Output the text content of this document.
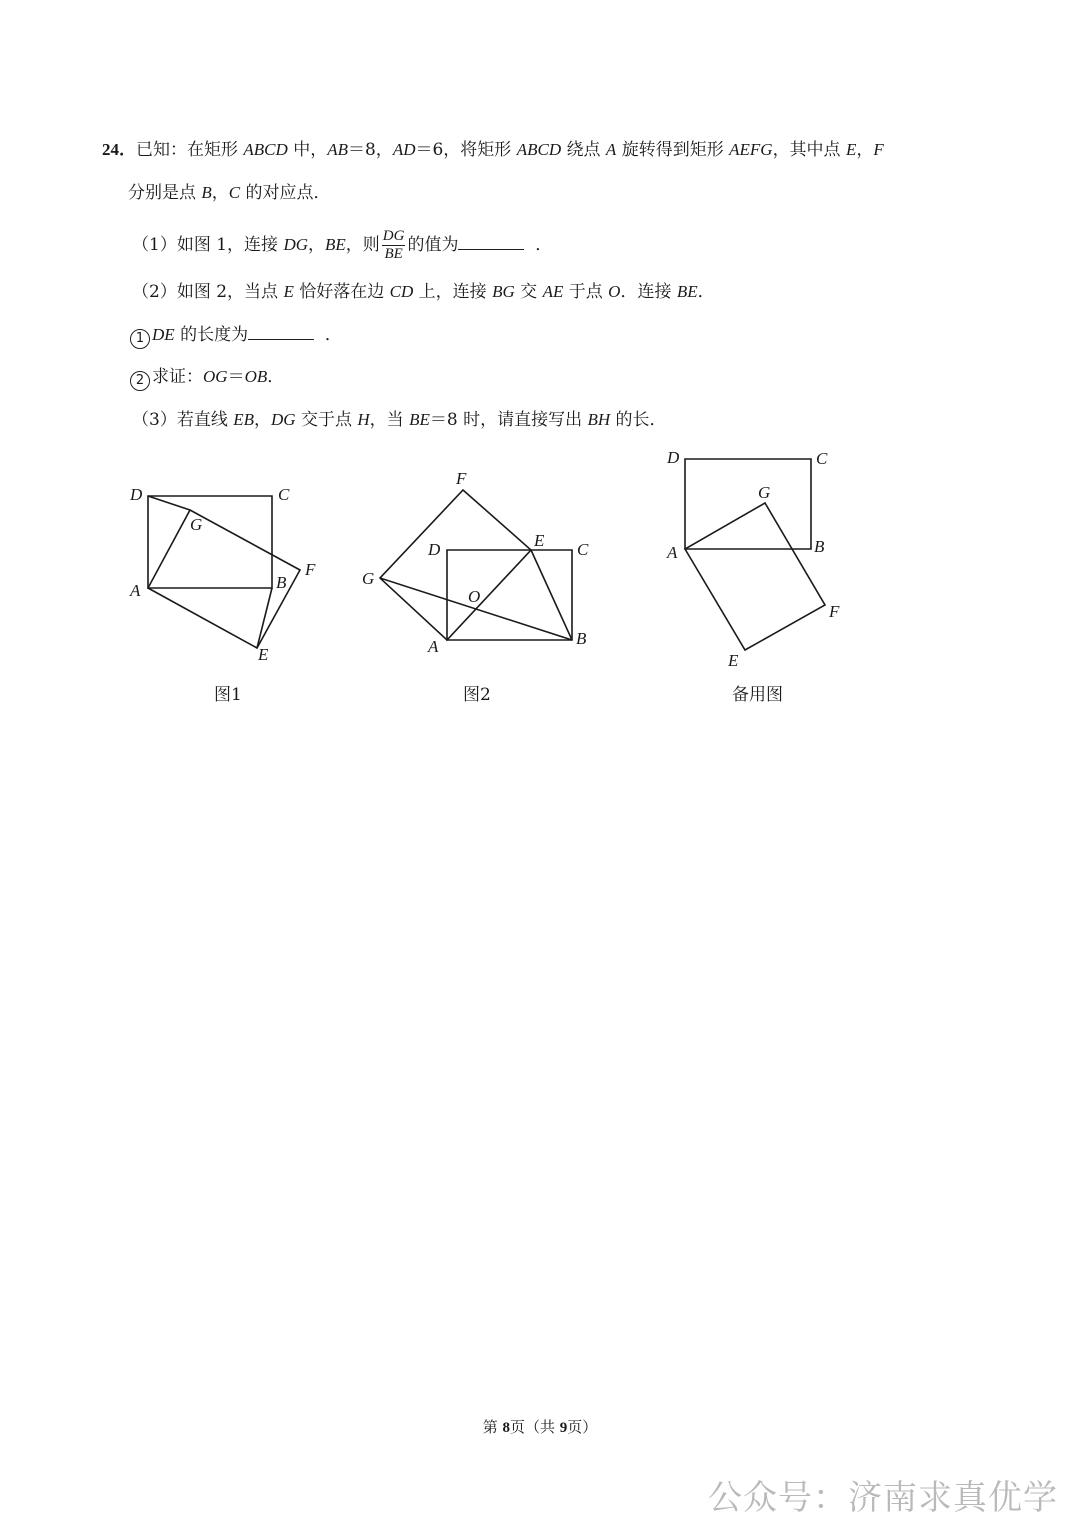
24．已知：在矩形 ABCD 中，AB＝8，AD＝6，将矩形 ABCD 绕点 A 旋转得到矩形 AEFG，其中点 E，F
分别是点 B，C 的对应点．
（1）如图 1，连接 DG，BE，则 $\frac{DG}{BE}$ 的值为	．
（2）如图 2，当点 E 恰好落在边 CD 上，连接 BG 交 AE 于点 O．连接 BE．
1 DE 的长度为	．
2 求证：OG＝OB．
（3）若直线 EB，DG 交于点 H，当 BE＝8 时，请直接写出 BH 的长．
D	C
G
A	B
F
E
F
D	E C
G
O
A	B
D	C
G
A	B
F
E
图1	图2	备用图
第 8页（共 9页）
公众号：济南求真优学
